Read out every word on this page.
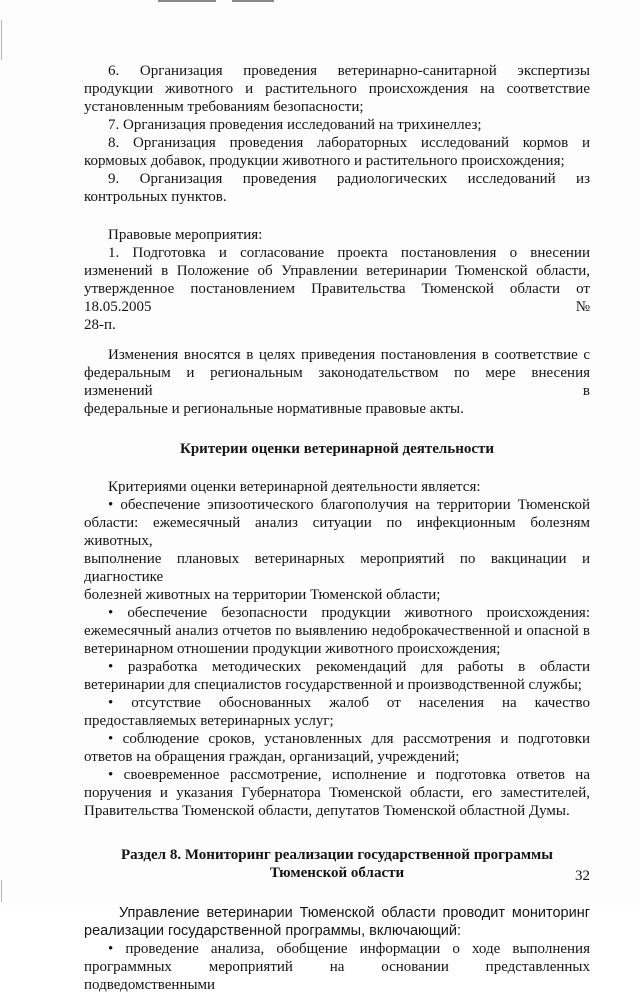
6. Организация проведения ветеринарно-санитарной экспертизы

продукции животного и растительного происхождения на соответствие

установленным требованиям безопасности;

7. Организация проведения исследований на трихинеллез;

8. Организация проведения лабораторных исследований кормов и

кормовых добавок, продукции животного и растительного происхождения;

9. Организация проведения радиологических исследований из

контрольных пунктов.

Правовые мероприятия:

1. Подготовка и согласование проекта постановления о внесении

изменений в Положение об Управлении ветеринарии Тюменской области,

утвержденное постановлением Правительства Тюменской области от 18.05.2005 №

28-п.

Изменения вносятся в целях приведения постановления в соответствие с

федеральным и региональным законодательством по мере внесения изменений в

федеральные и региональные нормативные правовые акты.

Критерии оценки ветеринарной деятельности

Критериями оценки ветеринарной деятельности является:

• обеспечение эпизоотического благополучия на территории Тюменской

области: ежемесячный анализ ситуации по инфекционным болезням животных,

выполнение плановых ветеринарных мероприятий по вакцинации и диагностике

болезней животных на территории Тюменской области;

• обеспечение безопасности продукции животного происхождения:

ежемесячный анализ отчетов по выявлению недоброкачественной и опасной в

ветеринарном отношении продукции животного происхождения;

• разработка методических рекомендаций для работы в области

ветеринарии для специалистов государственной и производственной службы;

• отсутствие обоснованных жалоб от населения на качество

предоставляемых ветеринарных услуг;

• соблюдение сроков, установленных для рассмотрения и подготовки

ответов на обращения граждан, организаций, учреждений;

• своевременное рассмотрение, исполнение и подготовка ответов на

поручения и указания Губернатора Тюменской области, его заместителей,

Правительства Тюменской области, депутатов Тюменской областной Думы.

Раздел 8. Мониторинг реализации государственной программы

Тюменской области

Управление ветеринарии Тюменской области проводит мониторинг

реализации государственной программы, включающий:

• проведение анализа, обобщение информации о ходе выполнения

программных мероприятий на основании представленных подведомственными

32
